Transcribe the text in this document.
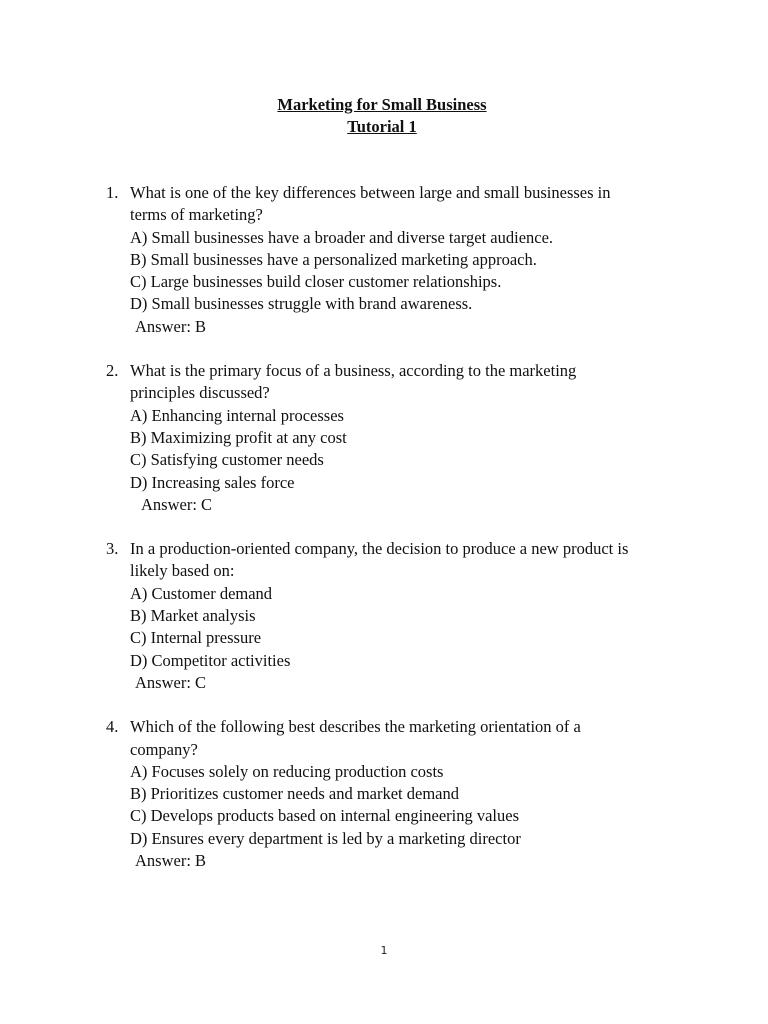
Marketing for Small Business
Tutorial 1
1. What is one of the key differences between large and small businesses in
terms of marketing?
A) Small businesses have a broader and diverse target audience.
B) Small businesses have a personalized marketing approach.
C) Large businesses build closer customer relationships.
D) Small businesses struggle with brand awareness.
Answer: B
2. What is the primary focus of a business, according to the marketing
principles discussed?
A) Enhancing internal processes
B) Maximizing profit at any cost
C) Satisfying customer needs
D) Increasing sales force
Answer: C
3. In a production-oriented company, the decision to produce a new product is
likely based on:
A) Customer demand
B) Market analysis
C) Internal pressure
D) Competitor activities
Answer: C
4. Which of the following best describes the marketing orientation of a
company?
A) Focuses solely on reducing production costs
B) Prioritizes customer needs and market demand
C) Develops products based on internal engineering values
D) Ensures every department is led by a marketing director
Answer: B
1
